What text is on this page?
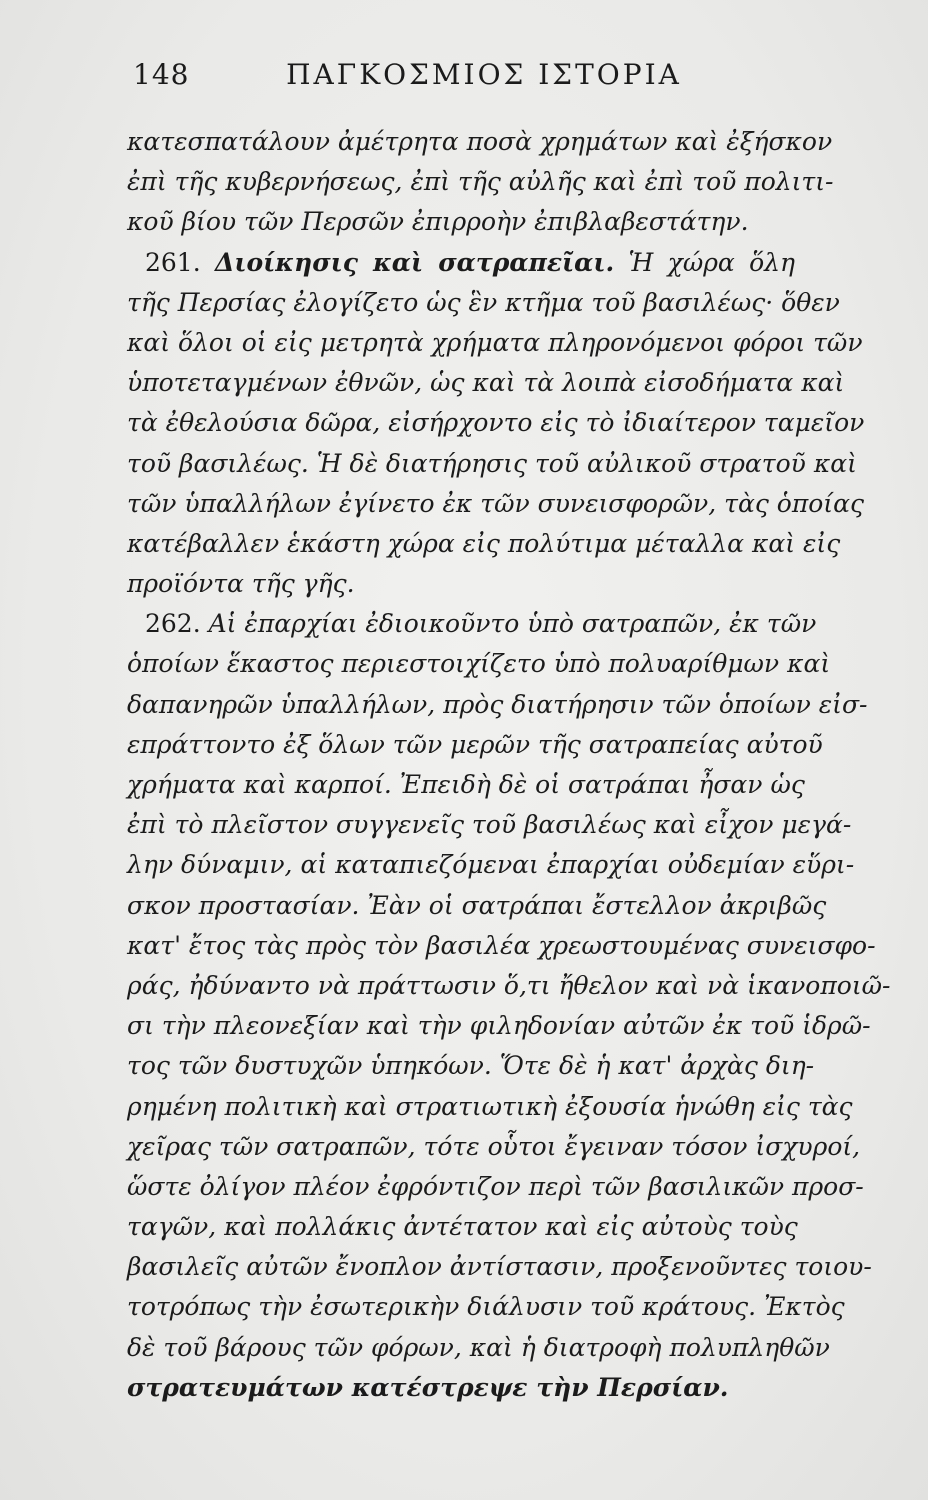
148	ΠΑΓΚΟΣΜΙΟΣ ΙΣΤΟΡΙΑ
κατεσπατάλουν ἀμέτρητα ποσὰ χρημάτων καὶ ἐξήσκον
ἐπὶ τῆς κυβερνήσεως, ἐπὶ τῆς αὐλῆς καὶ ἐπὶ τοῦ πολιτι-
κοῦ βίου τῶν Περσῶν ἐπιρροὴν ἐπιβλαβεστάτην.
261. Διοίκησις καὶ σατραπεῖαι. Ἡ χώρα ὅλη
τῆς Περσίας ἐλογίζετο ὡς ἓν κτῆμα τοῦ βασιλέως· ὅθεν
καὶ ὅλοι οἱ εἰς μετρητὰ χρήματα πληρονόμενοι φόροι τῶν
ὑποτεταγμένων ἐθνῶν, ὡς καὶ τὰ λοιπὰ εἰσοδήματα καὶ
τὰ ἐθελούσια δῶρα, εἰσήρχοντο εἰς τὸ ἰδιαίτερον ταμεῖον
τοῦ βασιλέως. Ἡ δὲ διατήρησις τοῦ αὐλικοῦ στρατοῦ καὶ
τῶν ὑπαλλήλων ἐγίνετο ἐκ τῶν συνεισφορῶν, τὰς ὁποίας
κατέβαλλεν ἑκάστη χώρα εἰς πολύτιμα μέταλλα καὶ εἰς
προϊόντα τῆς γῆς.
262. Αἱ ἐπαρχίαι ἐδιοικοῦντο ὑπὸ σατραπῶν, ἐκ τῶν
ὁποίων ἕκαστος περιεστοιχίζετο ὑπὸ πολυαρίθμων καὶ
δαπανηρῶν ὑπαλλήλων, πρὸς διατήρησιν τῶν ὁποίων εἰσ-
επράττοντο ἐξ ὅλων τῶν μερῶν τῆς σατραπείας αὐτοῦ
χρήματα καὶ καρποί. Ἐπειδὴ δὲ οἱ σατράπαι ἦσαν ὡς
ἐπὶ τὸ πλεῖστον συγγενεῖς τοῦ βασιλέως καὶ εἶχον μεγά-
λην δύναμιν, αἱ καταπιεζόμεναι ἐπαρχίαι οὐδεμίαν εὕρι-
σκον προστασίαν. Ἐὰν οἱ σατράπαι ἔστελλον ἀκριβῶς
κατ' ἔτος τὰς πρὸς τὸν βασιλέα χρεωστουμένας συνεισφο-
ράς, ἠδύναντο νὰ πράττωσιν ὅ,τι ἤθελον καὶ νὰ ἱκανοποιῶ-
σι τὴν πλεονεξίαν καὶ τὴν φιληδονίαν αὐτῶν ἐκ τοῦ ἱδρῶ-
τος τῶν δυστυχῶν ὑπηκόων. Ὅτε δὲ ἡ κατ' ἀρχὰς διη-
ρημένη πολιτικὴ καὶ στρατιωτικὴ ἐξουσία ἡνώθη εἰς τὰς
χεῖρας τῶν σατραπῶν, τότε οὗτοι ἔγειναν τόσον ἰσχυροί,
ὥστε ὀλίγον πλέον ἐφρόντιζον περὶ τῶν βασιλικῶν προσ-
ταγῶν, καὶ πολλάκις ἀντέτατον καὶ εἰς αὐτοὺς τοὺς
βασιλεῖς αὐτῶν ἔνοπλον ἀντίστασιν, προξενοῦντες τοιου-
τοτρόπως τὴν ἐσωτερικὴν διάλυσιν τοῦ κράτους. Ἐκτὸς
δὲ τοῦ βάρους τῶν φόρων, καὶ ἡ διατροφὴ πολυπληθῶν
στρατευμάτων κατέστρεψε τὴν Περσίαν.
